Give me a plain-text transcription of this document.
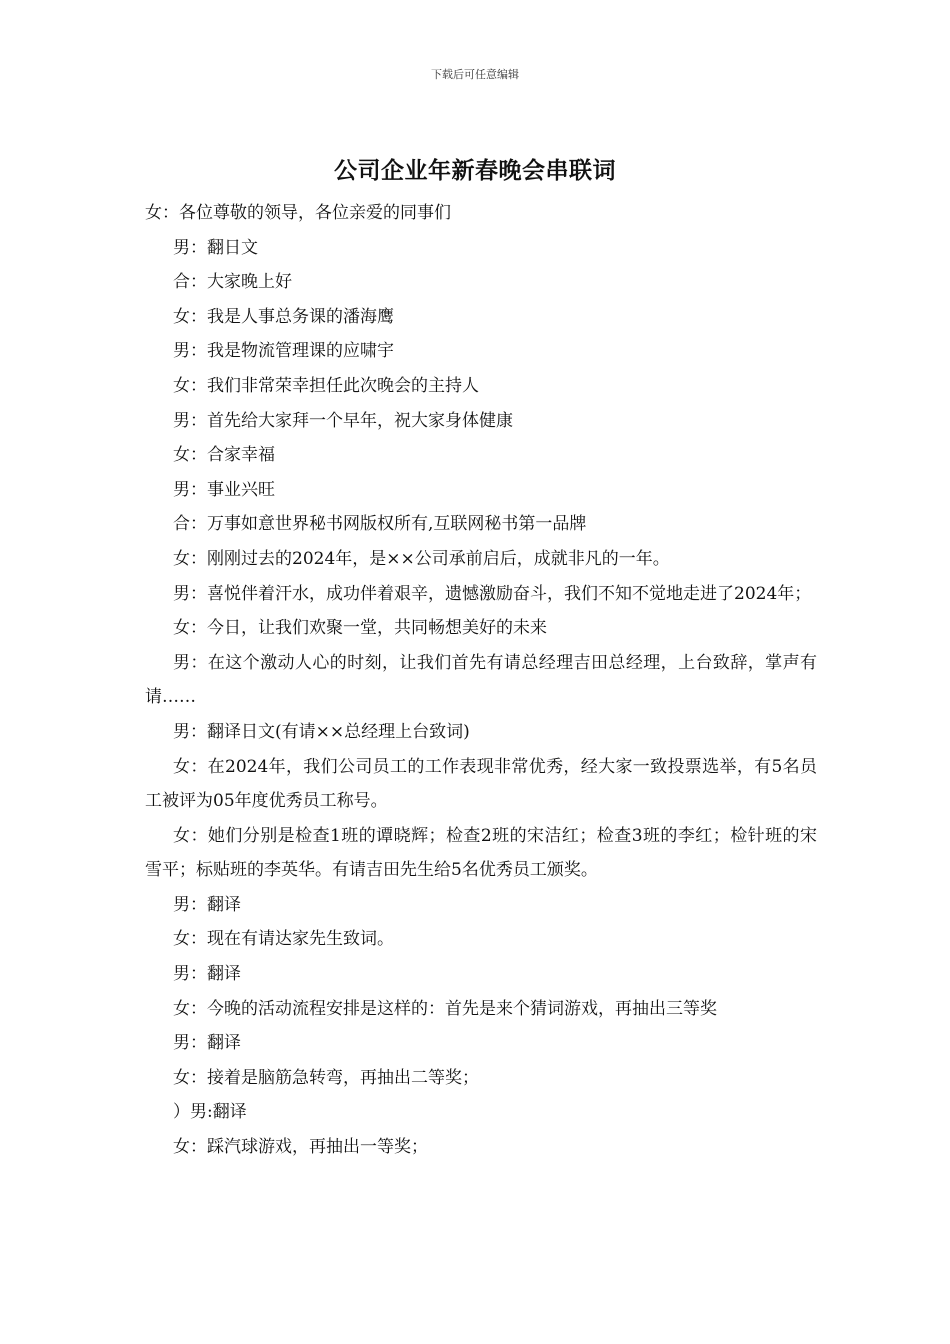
下载后可任意编辑
公司企业年新春晚会串联词

女：各位尊敬的领导，各位亲爱的同事们

男：翻日文

合：大家晚上好

女：我是人事总务课的潘海鹰

男：我是物流管理课的应啸宇

女：我们非常荣幸担任此次晚会的主持人

男：首先给大家拜一个早年，祝大家身体健康

女：合家幸福

男：事业兴旺

合：万事如意世界秘书网版权所有,互联网秘书第一品牌

女：刚刚过去的2024年，是××公司承前启后，成就非凡的一年。

男：喜悦伴着汗水，成功伴着艰辛，遗憾激励奋斗，我们不知不觉地走进了2024年；

女：今日，让我们欢聚一堂，共同畅想美好的未来

男：在这个激动人心的时刻，让我们首先有请总经理吉田总经理，上台致辞，掌声有请……

男：翻译日文(有请××总经理上台致词)

女：在2024年，我们公司员工的工作表现非常优秀，经大家一致投票选举，有5名员工被评为05年度优秀员工称号。

女：她们分别是检查1班的谭晓辉；检查2班的宋洁红；检查3班的李红；检针班的宋雪平；标贴班的李英华。有请吉田先生给5名优秀员工颁奖。

男：翻译

女：现在有请达家先生致词。

男：翻译

女：今晚的活动流程安排是这样的：首先是来个猜词游戏，再抽出三等奖

男：翻译

女：接着是脑筋急转弯，再抽出二等奖；

）男:翻译

女：踩汽球游戏，再抽出一等奖；
